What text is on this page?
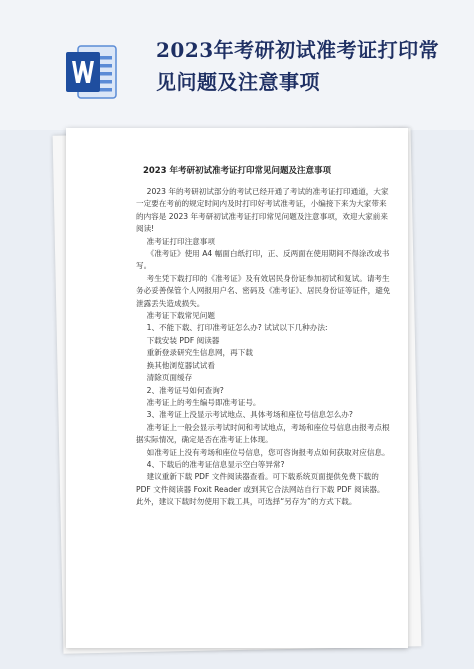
2023年考研初试准考证打印常见问题及注意事项
2023 年考研初试准考证打印常见问题及注意事项

2023 年的考研初试部分的考试已经开通了考试的准考证打印通道，大家一定要在考前的规定时间内及时打印好考试准考证，小编接下来为大家带来的内容是 2023 年考研初试准考证打印常见问题及注意事项，欢迎大家前来阅读!

准考证打印注意事项

《准考证》使用 A4 幅面白纸打印，正、反两面在使用期间不得涂改或书写。

考生凭下载打印的《准考证》及有效居民身份证参加初试和复试。请考生务必妥善保管个人网报用户名、密码及《准考证》、居民身份证等证件，避免泄露丢失造成损失。

准考证下载常见问题

1、不能下载、打印准考证怎么办? 试试以下几种办法:

下载安装 PDF 阅读器

重新登录研究生信息网，再下载

换其他浏览器试试看

清除页面缓存

2、准考证号如何查询?

准考证上的考生编号即准考证号。

3、准考证上没显示考试地点、具体考场和座位号信息怎么办?

准考证上一般会显示考试时间和考试地点，考场和座位号信息由报考点根据实际情况，确定是否在准考证上体现。

如准考证上没有考场和座位号信息，您可咨询报考点如何获取对应信息。

4、下载后的准考证信息显示空白等异常?

建议重新下载 PDF 文件阅读器查看。可下载系统页面提供免费下载的 PDF 文件阅读器 Foxit Reader 或到其它合法网站自行下载 PDF 阅读器。 此外，建议下载时勿使用下载工具，可选择“另存为”的方式下载。
